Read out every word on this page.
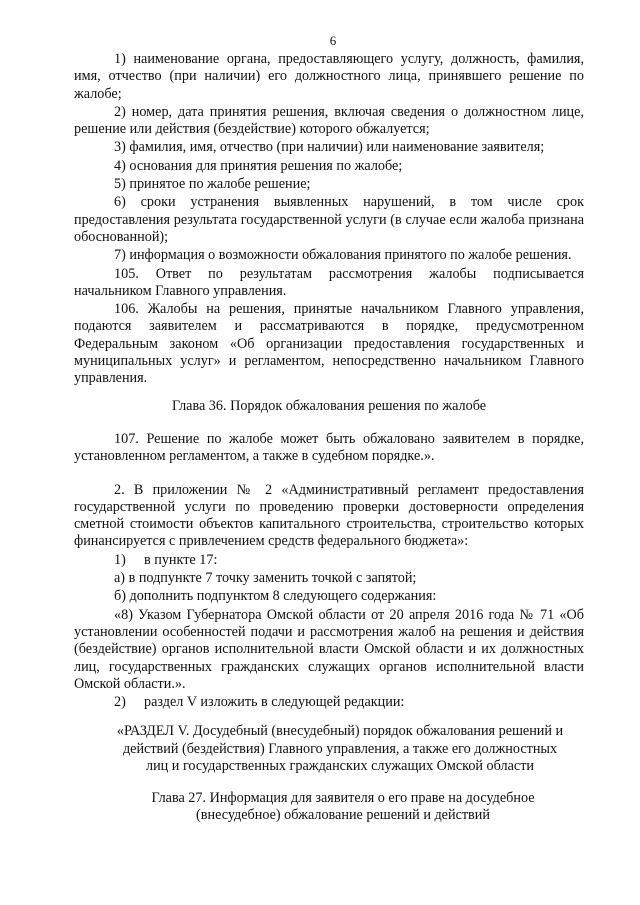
6
1) наименование органа, предоставляющего услугу, должность, фамилия, имя, отчество (при наличии) его должностного лица, принявшего решение по жалобе;
2) номер, дата принятия решения, включая сведения о должностном лице, решение или действия (бездействие) которого обжалуется;
3) фамилия, имя, отчество (при наличии) или наименование заявителя;
4) основания для принятия решения по жалобе;
5) принятое по жалобе решение;
6) сроки устранения выявленных нарушений, в том числе срок предоставления результата государственной услуги (в случае если жалоба признана обоснованной);
7) информация о возможности обжалования принятого по жалобе решения.
105. Ответ по результатам рассмотрения жалобы подписывается начальником Главного управления.
106. Жалобы на решения, принятые начальником Главного управления, подаются заявителем и рассматриваются в порядке, предусмотренном Федеральным законом «Об организации предоставления государственных и муниципальных услуг» и регламентом, непосредственно начальником Главного управления.
Глава 36. Порядок обжалования решения по жалобе
107. Решение по жалобе может быть обжаловано заявителем в порядке, установленном регламентом, а также в судебном порядке.».
2. В приложении № 2 «Административный регламент предоставления государственной услуги по проведению проверки достоверности определения сметной стоимости объектов капитального строительства, строительство которых финансируется с привлечением средств федерального бюджета»:
1) в пункте 17:
а) в подпункте 7 точку заменить точкой с запятой;
б) дополнить подпунктом 8 следующего содержания:
«8) Указом Губернатора Омской области от 20 апреля 2016 года № 71 «Об установлении особенностей подачи и рассмотрения жалоб на решения и действия (бездействие) органов исполнительной власти Омской области и их должностных лиц, государственных гражданских служащих органов исполнительной власти Омской области.».
2) раздел V изложить в следующей редакции:
«РАЗДЕЛ V. Досудебный (внесудебный) порядок обжалования решений и действий (бездействия) Главного управления, а также его должностных лиц и государственных гражданских служащих Омской области
Глава 27. Информация для заявителя о его праве на досудебное (внесудебное) обжалование решений и действий
